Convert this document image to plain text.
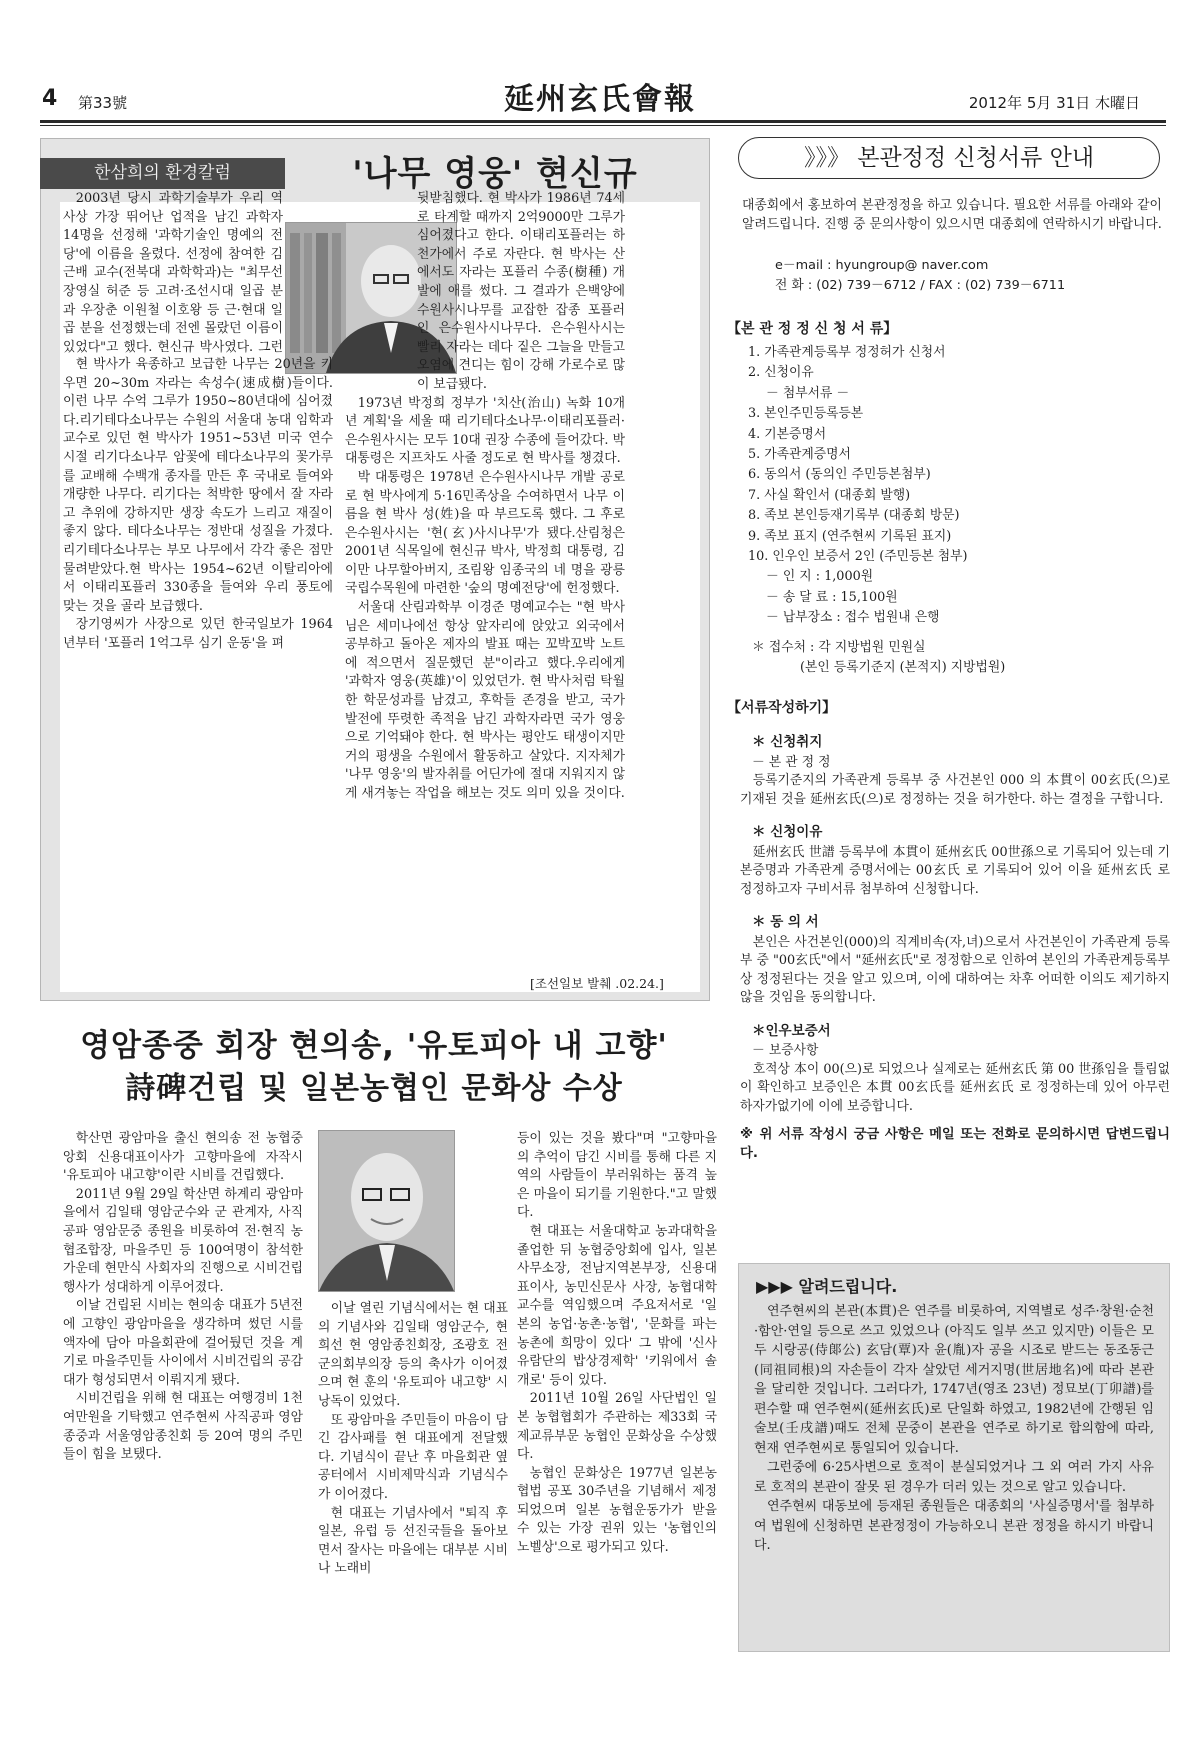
4 第33號	延州玄氏會報	2012年 5月 31日 木曜日
한삼희의 환경칼럼	'나무 영웅' 현신규

2003년 당시 과학기술부가 우리 역사상 가장 뛰어난 업적을 남긴 과학자 14명을 선정해 '과학기술인 명예의 전당'에 이름을 올렸다. 선정에 참여한 김근배 교수(전북대 과학학과)는 "최무선 장영실 허준 등 고려·조선시대 일곱 분과 우장춘 이원철 이호왕 등 근·현대 일곱 분을 선정했는데 전엔 몰랐던 이름이 있었다"고 했다. 현신규 박사였다. 그런

현 박사가 육종하고 보급한 나무는 20년을 키우면 20~30m 자라는 속성수(速成樹)들이다. 이런 나무 수억 그루가 1950~80년대에 심어졌다.리기테다소나무는 수원의 서울대 농대 임학과 교수로 있던 현 박사가 1951~53년 미국 연수 시절 리기다소나무 암꽃에 테다소나무의 꽃가루를 교배해 수백개 종자를 만든 후 국내로 들여와 개량한 나무다. 리기다는 척박한 땅에서 잘 자라고 추위에 강하지만 생장 속도가 느리고 재질이 좋지 않다. 테다소나무는 정반대 성질을 가졌다. 리기테다소나무는 부모 나무에서 각각 좋은 점만 물려받았다.현 박사는 1954~62년 이탈리아에서 이태리포플러 330종을 들여와 우리 풍토에 맞는 것을 골라 보급했다.

장기영씨가 사장으로 있던 한국일보가 1964년부터 '포플러 1억그루 심기 운동'을 펴

뒷받침했다. 현 박사가 1986년 74세로 타계할 때까지 2억9000만 그루가 심어졌다고 한다. 이태리포플러는 하천가에서 주로 자란다. 현 박사는 산에서도 자라는 포플러 수종(樹種) 개발에 애를 썼다. 그 결과가 은백양에 수원사시나무를 교잡한 잡종 포플러인 은수원사시나무다. 은수원사시는 빨리 자라는 데다 짙은 그늘을 만들고 오염에 견디는 힘이 강해 가로수로 많이 보급됐다.

1973년 박정희 정부가 '치산(治山) 녹화 10개년 계획'을 세울 때 리기테다소나무·이태리포플러·은수원사시는 모두 10대 권장 수종에 들어갔다. 박 대통령은 지프차도 사줄 정도로 현 박사를 챙겼다.

박 대통령은 1978년 은수원사시나무 개발 공로로 현 박사에게 5·16민족상을 수여하면서 나무 이름을 현 박사 성(姓)을 따 부르도록 했다. 그 후로 은수원사시는 '현(玄)사시나무'가 됐다.산림청은 2001년 식목일에 현신규 박사, 박정희 대통령, 김이만 나무할아버지, 조림왕 임종국의 네 명을 광릉 국립수목원에 마련한 '숲의 명예전당'에 헌정했다.

서울대 산림과학부 이경준 명예교수는 "현 박사님은 세미나에선 항상 앞자리에 앉았고 외국에서 공부하고 돌아온 제자의 발표 때는 꼬박꼬박 노트에 적으면서 질문했던 분"이라고 했다.우리에게 '과학자 영웅(英雄)'이 있었던가. 현 박사처럼 탁월한 학문성과를 남겼고, 후학들 존경을 받고, 국가 발전에 뚜렷한 족적을 남긴 과학자라면 국가 영웅으로 기억돼야 한다. 현 박사는 평안도 태생이지만 거의 평생을 수원에서 활동하고 살았다. 지자체가 '나무 영웅'의 발자취를 어딘가에 절대 지워지지 않게 새겨놓는 작업을 해보는 것도 의미 있을 것이다.

[조선일보 발췌 .02.24.]
영암종중 회장 현의송, '유토피아 내 고향'
詩碑건립 및 일본농협인 문화상 수상

학산면 광암마을 출신 현의송 전 농협중앙회 신용대표이사가 고향마을에 자작시 '유토피아 내고향'이란 시비를 건립했다.

2011년 9월 29일 학산면 하계리 광암마을에서 김일태 영암군수와 군 관계자, 사직공파 영암문중 종원을 비롯하여 전·현직 농협조합장, 마을주민 등 100여명이 참석한 가운데 현만식 사회자의 진행으로 시비건립 행사가 성대하게 이루어졌다.

이날 건립된 시비는 현의송 대표가 5년전에 고향인 광암마을을 생각하며 썼던 시를 액자에 담아 마을회관에 걸어뒀던 것을 계기로 마을주민들 사이에서 시비건립의 공감대가 형성되면서 이뤄지게 됐다.

시비건립을 위해 현 대표는 여행경비 1천여만원을 기탁했고 연주현씨 사직공파 영암종중과 서울영암종친회 등 20여 명의 주민들이 힘을 보탰다.

이날 열린 기념식에서는 현 대표의 기념사와 김일태 영암군수, 현희선 현 영암종친회장, 조광호 전 군의회부의장 등의 축사가 이어졌으며 현 훈의 '유토피아 내고향' 시낭독이 있었다.

또 광암마을 주민들이 마음이 담긴 감사패를 현 대표에게 전달했다. 기념식이 끝난 후 마을회관 옆 공터에서 시비제막식과 기념식수가 이어졌다.

현 대표는 기념사에서 "퇴직 후 일본, 유럽 등 선진국들을 돌아보면서 잘사는 마을에는 대부분 시비나 노래비

등이 있는 것을 봤다"며 "고향마을의 추억이 담긴 시비를 통해 다른 지역의 사람들이 부러워하는 품격 높은 마을이 되기를 기원한다."고 말했다.

현 대표는 서울대학교 농과대학을 졸업한 뒤 농협중앙회에 입사, 일본 사무소장, 전남지역본부장, 신용대표이사, 농민신문사 사장, 농협대학 교수를 역임했으며 주요저서로 '일본의 농업·농촌·농협', '문화를 파는 농촌에 희망이 있다' 그 밖에 '신사유람단의 밥상경제학' '키워에서 솔개로' 등이 있다.

2011년 10월 26일 사단법인 일본 농협협회가 주관하는 제33회 국제교류부문 농협인 문화상을 수상했다.

농협인 문화상은 1977년 일본농협법 공포 30주년을 기념해서 제정되었으며 일본 농협운동가가 받을 수 있는 가장 권위 있는 '농협인의 노벨상'으로 평가되고 있다.

》》》 본관정정 신청서류 안내
대종회에서 홍보하여 본관정정을 하고 있습니다. 필요한 서류를 아래와 같이 알려드립니다. 진행 중 문의사항이 있으시면 대종회에 연락하시기 바랍니다.
e－mail : hyungroup@ naver.com
전 화 : (02) 739－6712 / FAX : (02) 739－6711
【본 관 정 정 신 청 서 류】
1. 가족관계등록부 정정허가 신청서
2. 신청이유
－ 첨부서류 －
3. 본인주민등록등본
4. 기본증명서
5. 가족관계증명서
6. 동의서 (동의인 주민등본첨부)
7. 사실 확인서 (대종회 발행)
8. 족보 본인등재기록부 (대종회 방문)
9. 족보 표지 (연주현씨 기록된 표지)
10. 인우인 보증서 2인 (주민등본 첨부)
－ 인 지 : 1,000원
－ 송 달 료 : 15,100원
－ 납부장소 : 접수 법원내 은행
＊ 접수처 : 각 지방법원 민원실
(본인 등록기준지 (본적지) 지방법원)
【서류작성하기】
＊ 신청취지
－ 본 관 정 정

등록기준지의 가족관계 등록부 중 사건본인 000 의 本貫이 00玄氏(으)로 기재된 것을 延州玄氏(으)로 정정하는 것을 허가한다. 하는 결정을 구합니다.

＊ 신청이유

延州玄氏 世譜 등록부에 本貫이 延州玄氏 00世孫으로 기록되어 있는데 기본증명과 가족관계 증명서에는 00玄氏 로 기록되어 있어 이을 延州玄氏 로 정정하고자 구비서류 첨부하여 신청합니다.

＊ 동 의 서

본인은 사건본인(000)의 직계비속(자,녀)으로서 사건본인이 가족관계 등록부 중 "00玄氏"에서 "延州玄氏"로 정정함으로 인하여 본인의 가족관계등록부상 정정된다는 것을 알고 있으며, 이에 대하여는 차후 어떠한 이의도 제기하지않을 것임을 동의합니다.

＊인우보증서
－ 보증사항

호적상 本이 00(으)로 되었으나 실제로는 延州玄氏 第 00 世孫임을 틀림없이 확인하고 보증인은 本貫 00玄氏를 延州玄氏 로 정정하는데 있어 아무런 하자가없기에 이에 보증합니다.

※ 위 서류 작성시 궁금 사항은 메일 또는 전화로 문의하시면 답변드립니다.

▶▶▶ 알려드립니다.

연주현씨의 본관(本貫)은 연주를 비롯하여, 지역별로 성주·창원·순천·함안·연일 등으로 쓰고 있었으나 (아직도 일부 쓰고 있지만) 이들은 모두 시랑공(侍郞公) 玄담(覃)자 윤(胤)자 공을 시조로 받드는 동조동근(同祖同根)의 자손들이 각자 살았던 세거지명(世居地名)에 따라 본관을 달리한 것입니다. 그러다가, 1747년(영조 23년) 정묘보(丁卯譜)를 편수할 때 연주현씨(延州玄氏)로 단일화 하였고, 1982년에 간행된 임술보(壬戌譜)때도 전체 문중이 본관을 연주로 하기로 합의함에 따라, 현재 연주현씨로 통일되어 있습니다.

그런중에 6·25사변으로 호적이 분실되었거나 그 외 여러 가지 사유로 호적의 본관이 잘못 된 경우가 더러 있는 것으로 알고 있습니다.

연주현씨 대동보에 등재된 종원들은 대종회의 '사실증명서'를 첨부하여 법원에 신청하면 본관정정이 가능하오니 본관 정정을 하시기 바랍니다.
